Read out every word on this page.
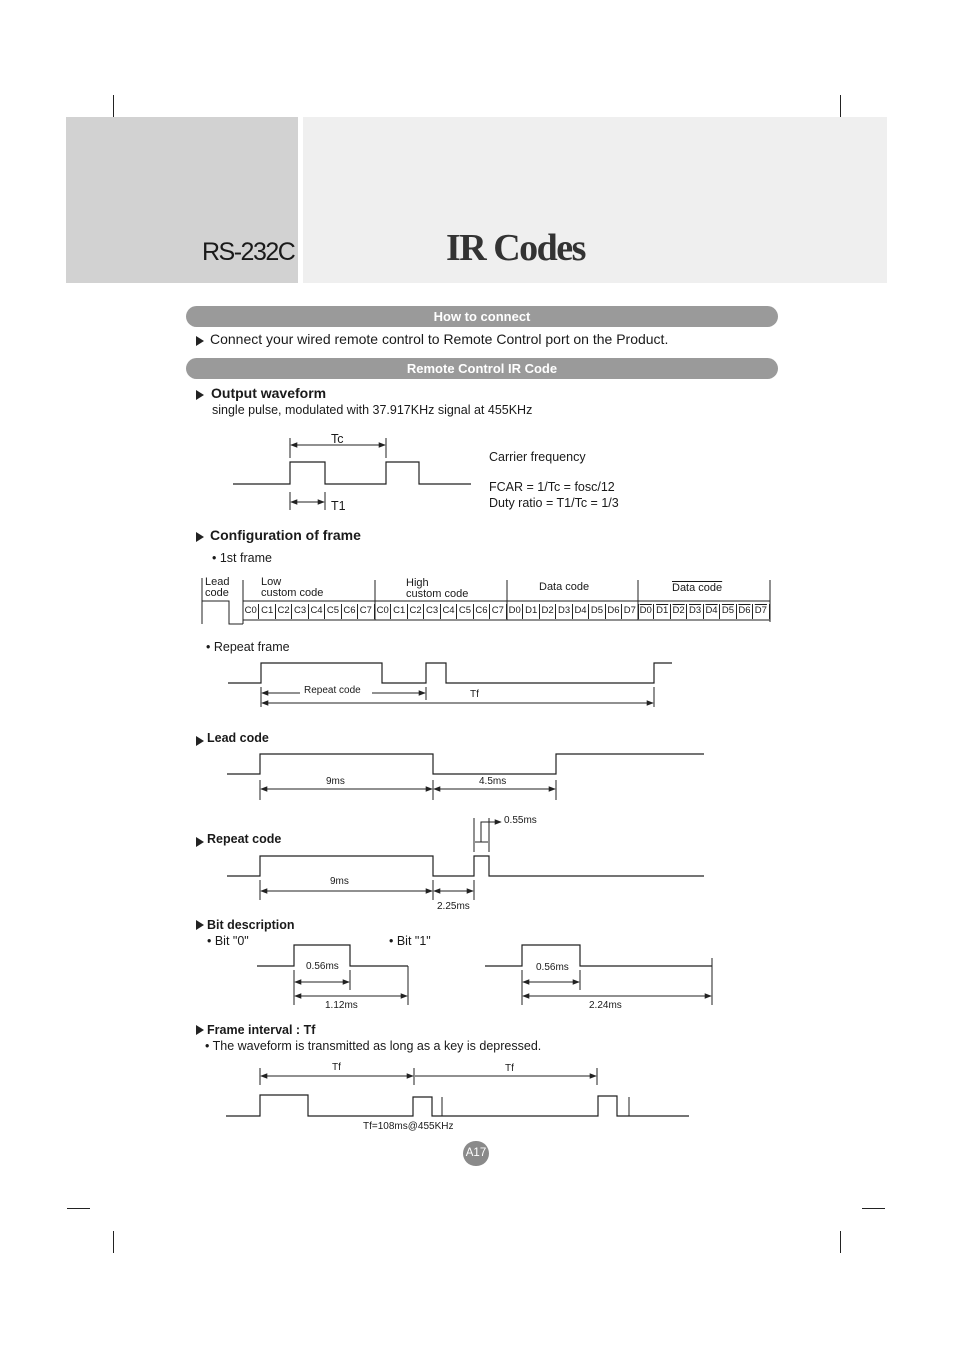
RS-232C	IR Codes
How to connect
Connect your wired remote control to Remote Control port on the Product.
Remote Control IR Code
Output waveform
single pulse, modulated with 37.917KHz signal at 455KHz
Tc
T1
Carrier frequency
FCAR = 1/Tc = fosc/12
Duty ratio = T1/Tc = 1/3
Configuration of frame
• 1st frame
Lead
code
Low
custom code
High
custom code
Data code	Data code
C0 C1 C2 C3 C4 C5 C6 C7 C0 C1 C2 C3 C4 C5 C6 C7 D0 D1 D2 D3 D4 D5 D6 D7 D0 D1 D2 D3 D4 D5 D6 D7
• Repeat frame
Repeat code	Tf
Lead code
9ms	4.5ms
Repeat code
0.55ms
9ms
2.25ms
Bit description
• Bit "0"	• Bit "1"
0.56ms
1.12ms
0.56ms
2.24ms
Frame interval : Tf
• The waveform is transmitted as long as a key is depressed.
Tf	Tf
Tf=108ms@455KHz
A17
